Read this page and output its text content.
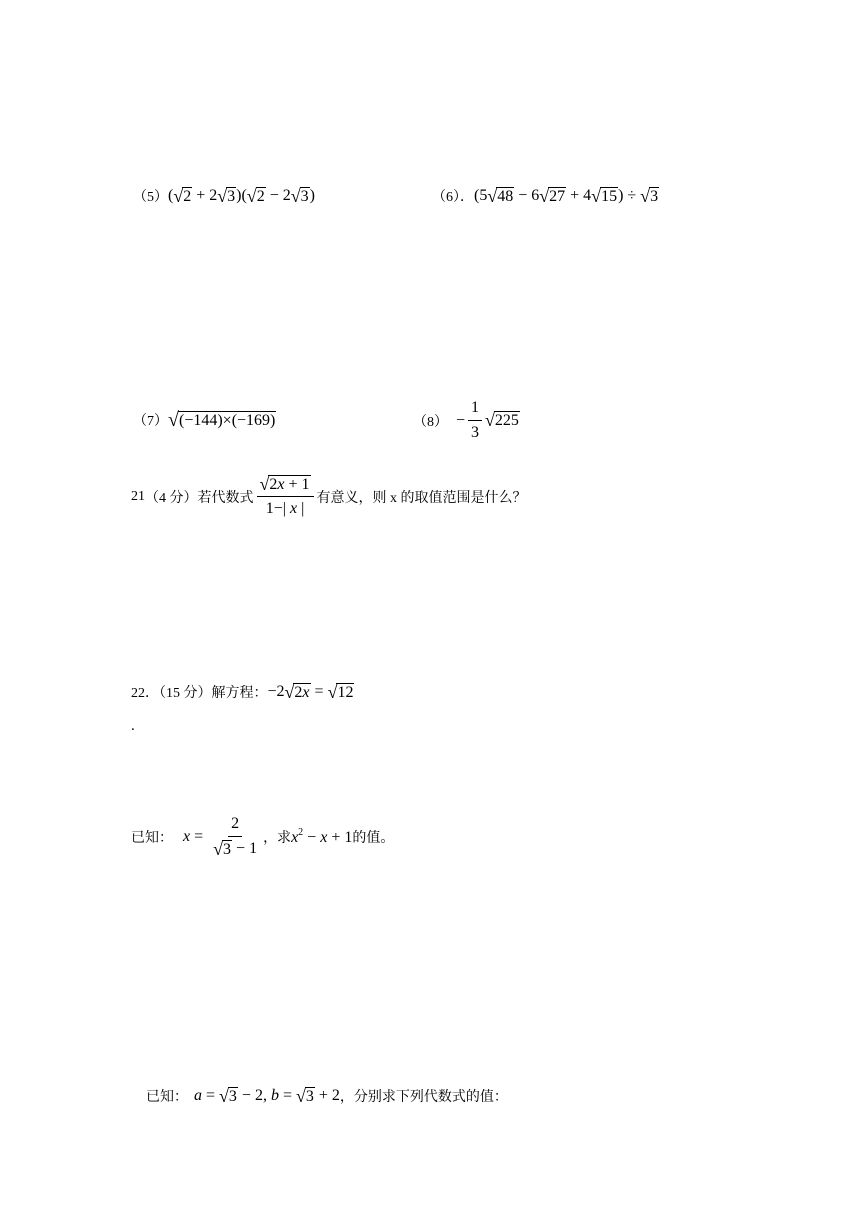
（5） ( √ 2 + 2 √ 3 )( √ 2 − 2 √ 3 )	（6）． (5 √ 48 − 6 √ 27 + 4 √ 15 ) ÷ √ 3
（7） √ (−144)×(−169)	$(8) - \frac{1}{3}$ √ 225
21 （4 分）若代数式 $\frac{√ 2x + 1}{1-| x |}$ 有意义，则 x 的取值范围是什么？
22．（15 分）解方程： −2 √ 2x = √ 12
.
已知： $x = \frac{2}{√ 3 - 1}$ ，求 $x^2 - x + 1$ 的值。
已知： a = √ 3 − 2, b = √ 3 + 2 ，分别求下列代数式的值：
